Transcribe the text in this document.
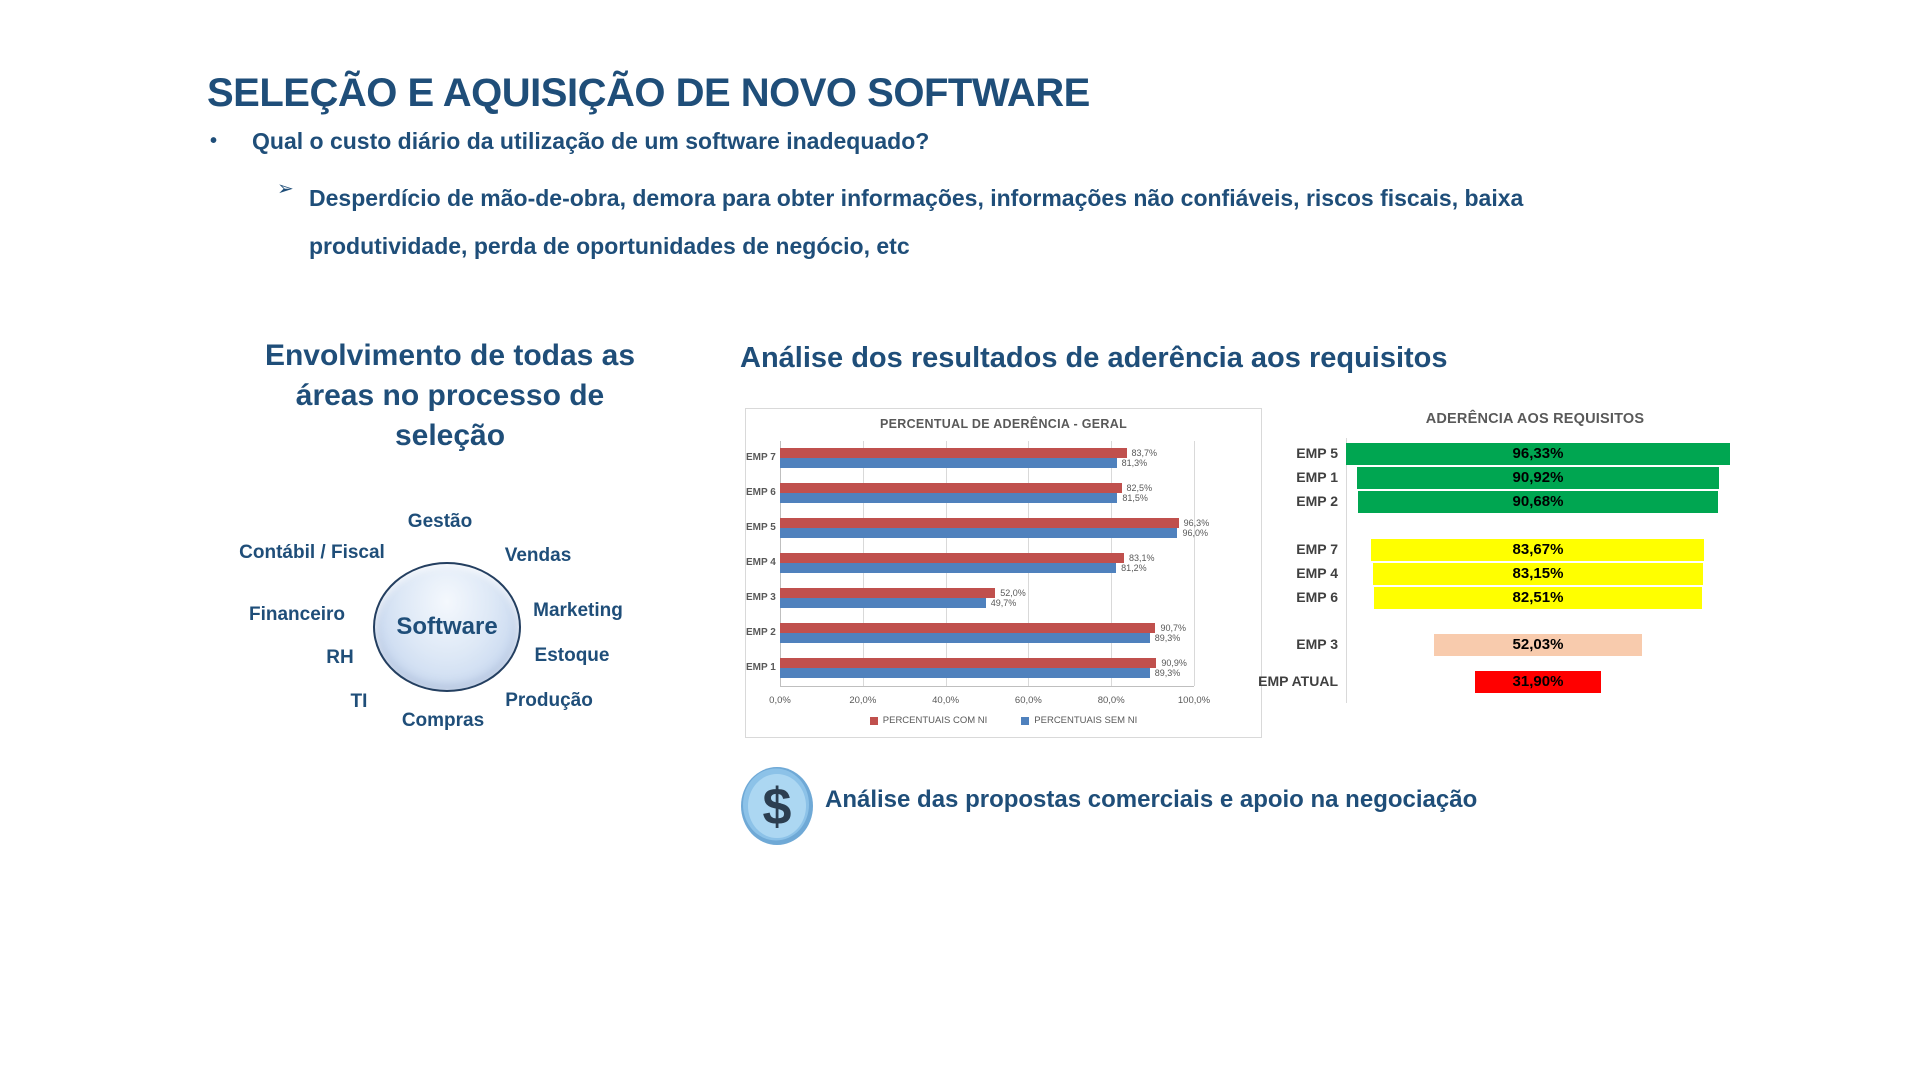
SELEÇÃO E AQUISIÇÃO DE NOVO SOFTWARE
•	Qual o custo diário da utilização de um software inadequado?
➢ Desperdício de mão-de-obra, demora para obter informações, informações não confiáveis, riscos fiscais, baixa produtividade, perda de oportunidades de negócio, etc
Envolvimento de todas as
áreas no processo de
seleção
Software
Gestão
Contábil / Fiscal	Vendas
Financeiro	Marketing
RH	Estoque
TI	Produção
Compras
Análise dos resultados de aderência aos requisitos
PERCENTUAL DE ADERÊNCIA - GERAL
PERCENTUAIS COM NI	PERCENTUAIS SEM NI
0,0%	20,0%	40,0%	60,0%	80,0%	100,0%
EMP 7	83,7%
81,3%
EMP 6	82,5%
81,5%
EMP 5	96,3%
96,0%
EMP 4	83,1%
81,2%
EMP 3	52,0%
49,7%
EMP 2	90,7%
89,3%
EMP 1	90,9%
89,3%
ADERÊNCIA AOS REQUISITOS
EMP 5	96,33%
EMP 1	90,92%
EMP 2	90,68%
EMP 7	83,67%
EMP 4	83,15%
EMP 6	82,51%
EMP 3	52,03%
EMP ATUAL	31,90%
$ Análise das propostas comerciais e apoio na negociação
